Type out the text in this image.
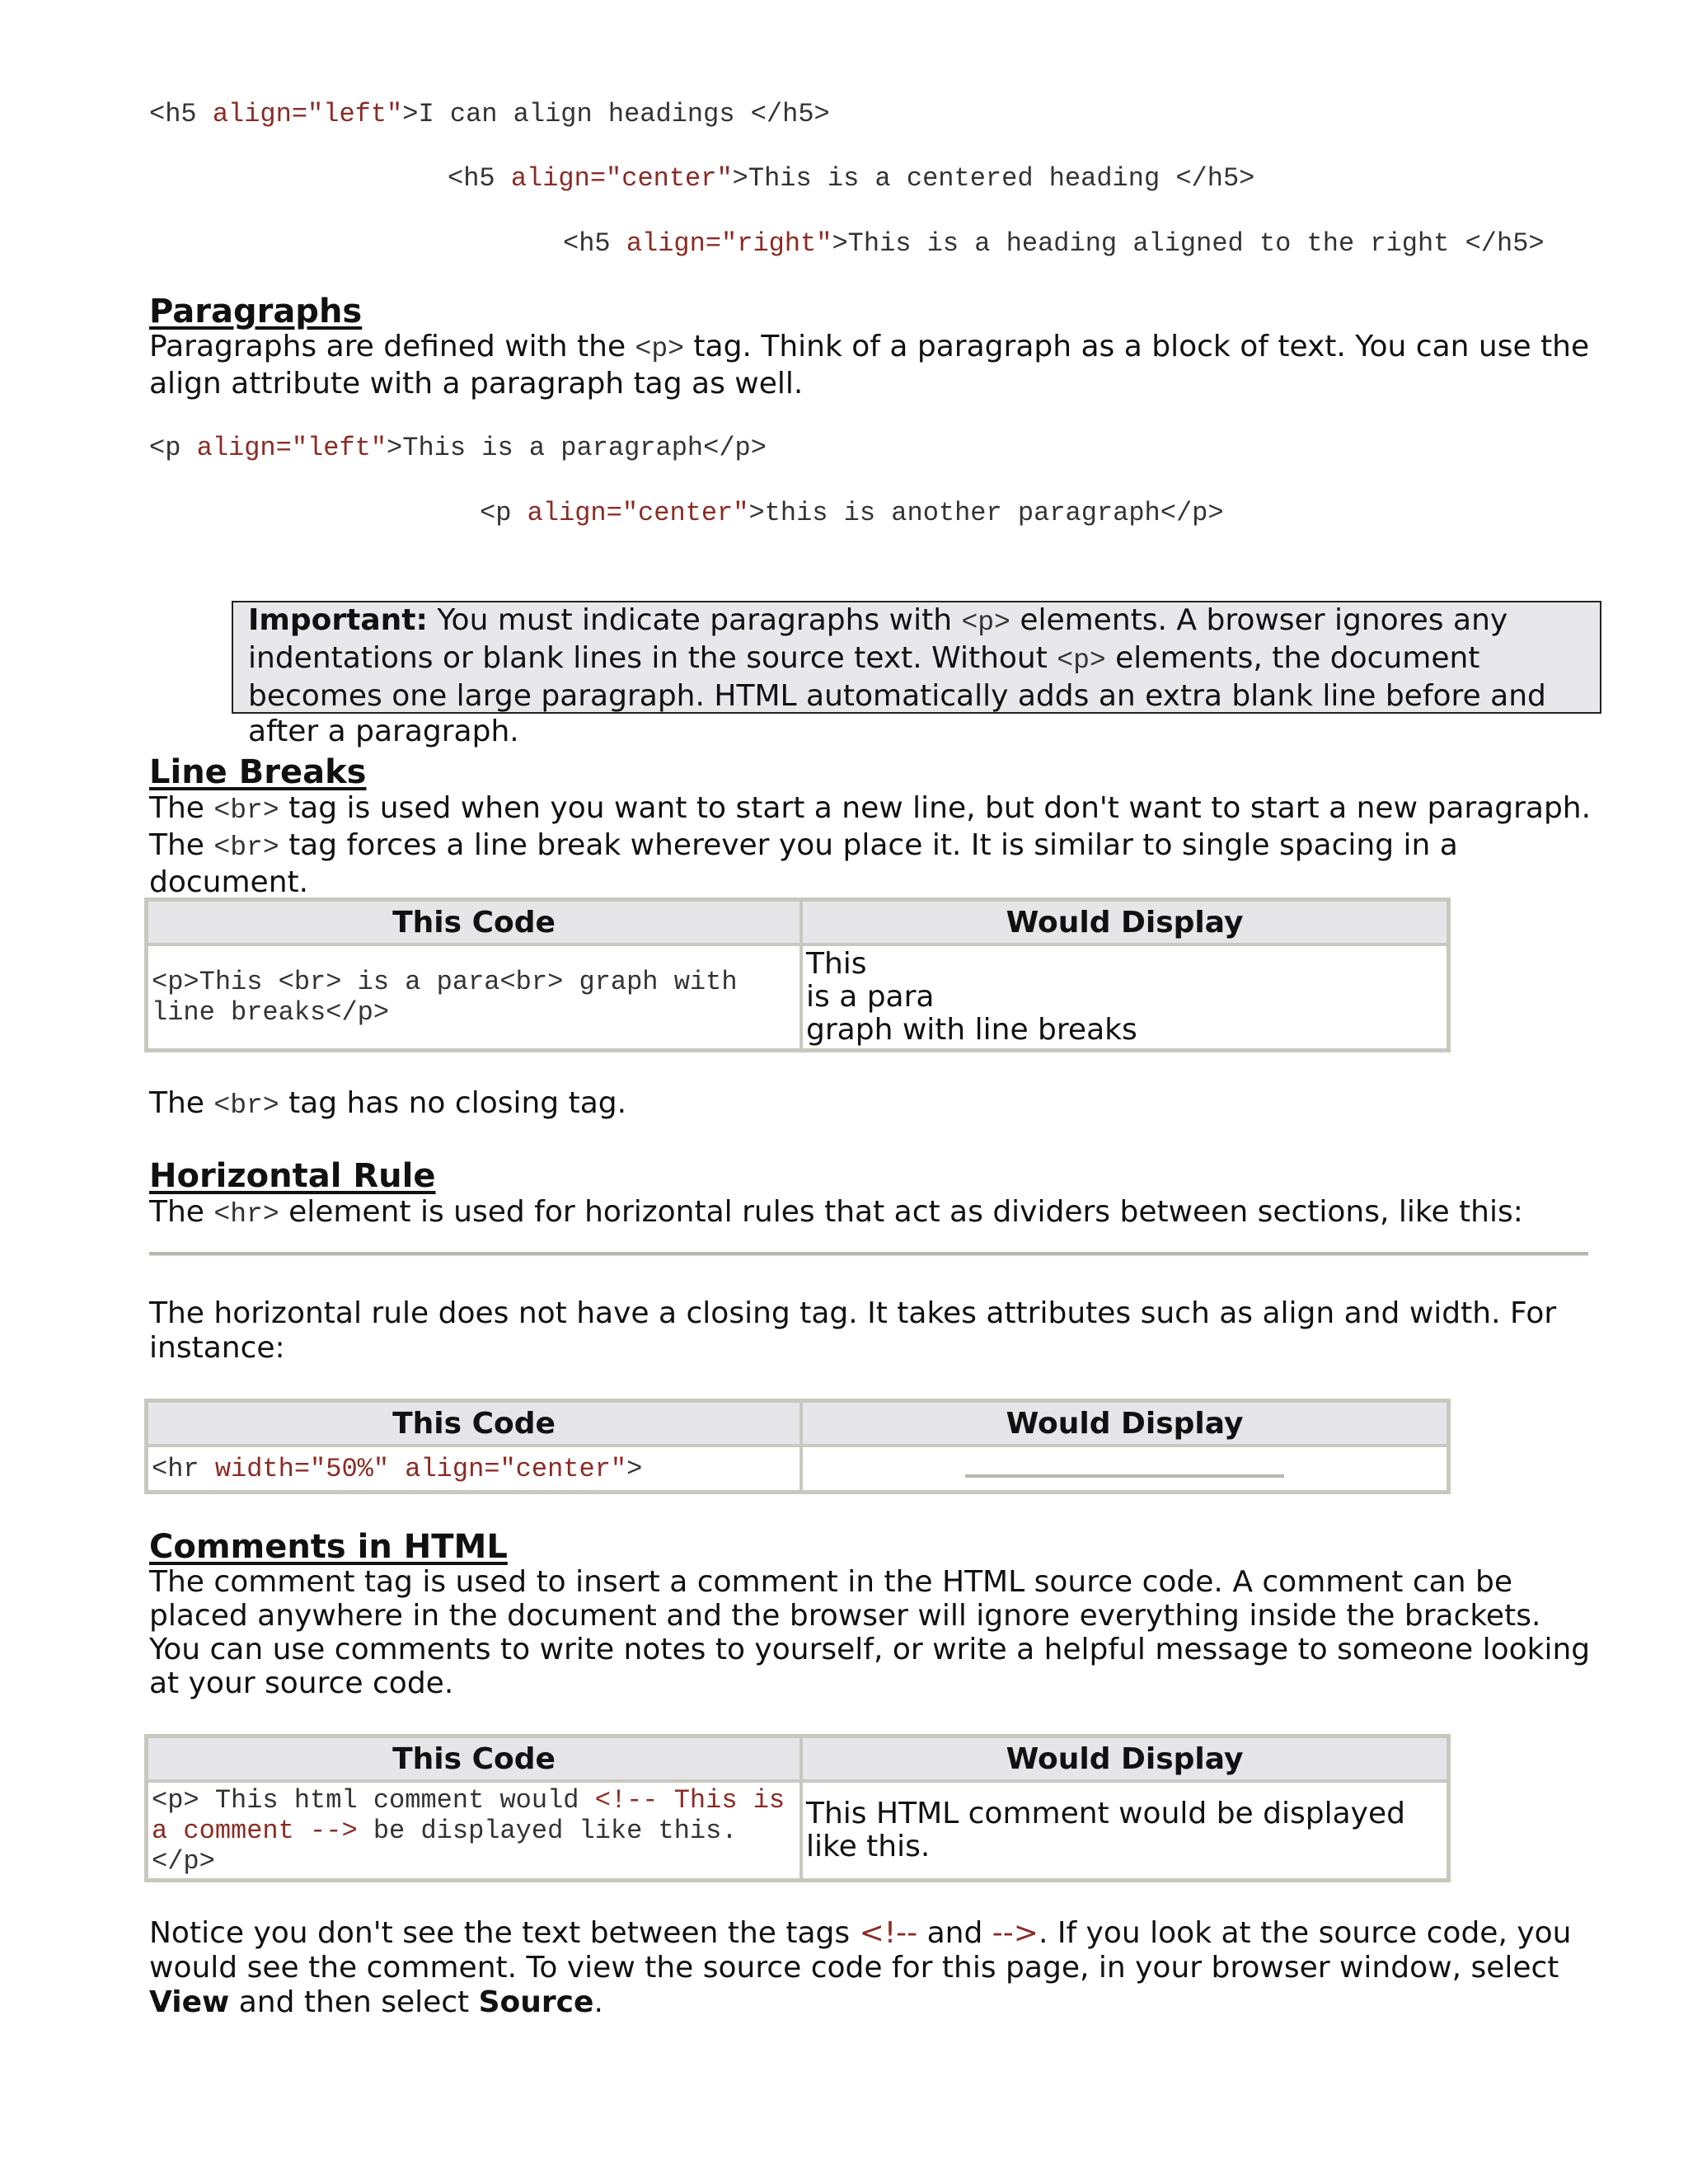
<h5 align="left">I can align headings </h5>
<h5 align="center">This is a centered heading </h5>
<h5 align="right">This is a heading aligned to the right </h5>
Paragraphs
Paragraphs are defined with the <p> tag. Think of a paragraph as a block of text. You can use the align attribute with a paragraph tag as well.
<p align="left">This is a paragraph</p>
<p align="center">this is another paragraph</p>
Important: You must indicate paragraphs with <p> elements. A browser ignores any indentations or blank lines in the source text. Without <p> elements, the document becomes one large paragraph. HTML automatically adds an extra blank line before and after a paragraph.
Line Breaks
The <br> tag is used when you want to start a new line, but don't want to start a new paragraph. The <br> tag forces a line break wherever you place it. It is similar to single spacing in a document.
This Code	Would Display
<p>This <br> is a para<br> graph with line breaks</p>	This
is a para
graph with line breaks
The <br> tag has no closing tag.
Horizontal Rule
The <hr> element is used for horizontal rules that act as dividers between sections, like this:
The horizontal rule does not have a closing tag. It takes attributes such as align and width. For instance:
This Code	Would Display
<hr width="50%" align="center">	
Comments in HTML
The comment tag is used to insert a comment in the HTML source code. A comment can be placed anywhere in the document and the browser will ignore everything inside the brackets. You can use comments to write notes to yourself, or write a helpful message to someone looking at your source code.
This Code	Would Display
<p> This html comment would <!-- This is a comment --> be displayed like this.</p>	This HTML comment would be displayed like this.
Notice you don't see the text between the tags <!-- and -->. If you look at the source code, you would see the comment. To view the source code for this page, in your browser window, select View and then select Source.
